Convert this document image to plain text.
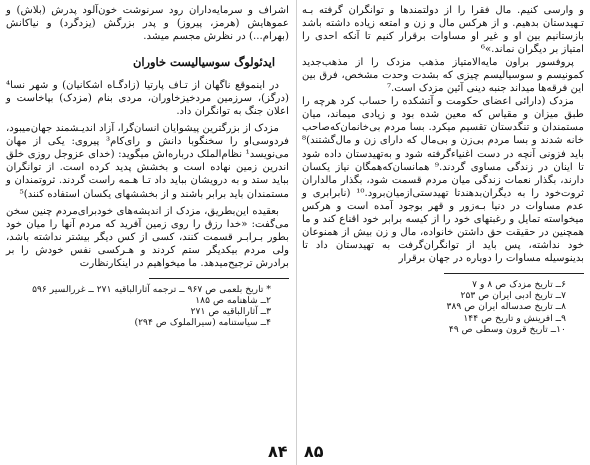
اشراف و سرمایه‌داران رود سرنوشت خون‌آلود پدرش (بلاش) و عموهایش (هرمز، پیروز) و پدر بزرگش (یزدگرد) و نیاکانش (بهرام...) در نظرش مجسم میشد.

ایدئولوگ سوسیالیست خاوران

در اینموقع ناگهان از تـاف پارتیا (زادگـاه اشکانیان) و شهر نسا⁴ (درگز)، سرزمین مردخیزخاوران، مردی بنام (مزدک) بپاخاست و اعلان جنگ به توانگران داد.

مزدک از بزرگترین پیشوایان انسان‌گرا، آزاد اندیـشمند جهان‌میبود، فردوسی‌او را سخنگوبا دانش و رای‌کام³ پیروی: یکی از مهان‌ می‌نویسد¹ نظام‌الملک درباره‌اش میگوید: (خدای عزوجل روزی خلق اندرین زمین نهاده است و بخشش پدید کرده است. از توانگران بباید ستد و به درویشان بباید داد تـا هـمه راست گردند. ثروتمندان و مستمندان باید برابر باشند و از بخششهای یکسان استفاده کنند)⁵

بعقیده این‌بطریق، مزدک از اندیشه‌های خودبرای‌مردم چنین سخن می‌گفت: «خدا رزق را روی زمین آفرید که مردم آنها را میان خود بطور بـرابـر قسمت کنند، کسی از کس دیگر بیشتر نداشته باشد، ولی مردم بیکدیگر ستم کردند و هـرکسی نفس خودش را بر برادرش ترجیح‌میدهد. ما میخواهیم در اینکارنظارت

* تاریخ بلعمی ص ۹۶۷ ــ ترجمه آثارالباقیه ۲۷۱ ــ غررالسیر ۵۹۶
۲ــ شاهنامه ص ۱۸۵
۳ــ آثارالباقیه ص ۲۷۱
۴ــ سیاستنامه (سیرالملوک ص ۲۹۴)

و وارسی کنیم. مال فقرا را از دولتمندها و توانگران گرفته بـه تـهیدستان بدهیم. و از هرکس مال و زن و امتعه زیاده داشته باشد بازستانیم بین او و غیر او مساوات برقرار کنیم تا آنکه احدی را امتیاز بر دیگران نماند.»⁶

پروفسور براون مایه‌الامتیاز مذهب مزدک را از مذهب‌جدید کمونیسم و سوسیالیسم چیزی که بشدت وحدت مشخص، فرق بین این فرقه‌ها میداند جنبه دینی آئین مزدک است.⁷

مزدک (دارائی اعضای حکومت و آتشکده را حساب کرد هرچه را طبق میزان و مقیاس که معین شده بود و زیادی میماند، میان مستمندان و تنگدستان تقسیم میکرد. بسا مردم بی‌خانمان‌که‌صاحب خانه شدند و بسا مردم بی‌زن و بی‌مال که دارای زن و مال‌گشتند)⁸ باید فزونی آنچه در دست اغنیاءگرفته شود و به‌تهیدستان داده شود تا اینان در زندگی مساوی گردند.⁹ همانسان‌که‌همگان نیاز یکسان دارند، بگذار نعمات زندگی میان مردم قسمت شود، بگذار مالداران ثروت‌خود را به دیگران‌بدهندتا تهیدستی‌ازمیان‌برود.¹⁰ (نابرابری و عدم مساوات در دنیا بـه‌زور و قهر بوجود آمده است و هرکس میخواسته تمایل و رغبتهای خود را از کیسه برابر خود اقناع کند و ما همچنین در حقیقت حق داشتن خانواده، مال و زن بیش از همنوعان خود نداشته، پس باید از توانگران‌گرفت به تهیدستان داد تا بدینوسیله مساوات را دوباره در جهان برقرار

۶ــ تاریخ مزدک ص ۸ و ۷
۷ــ تاریخ ادبی ایران ص ۲۵۳
۸ــ تاریخ صدساله ایران ص ۳۸۹
۹ــ افرینش و تاریخ ص ۱۴۴
۱۰ــ تاریخ قرون وسطی ص ۴۹
۸۴ ۸۵
